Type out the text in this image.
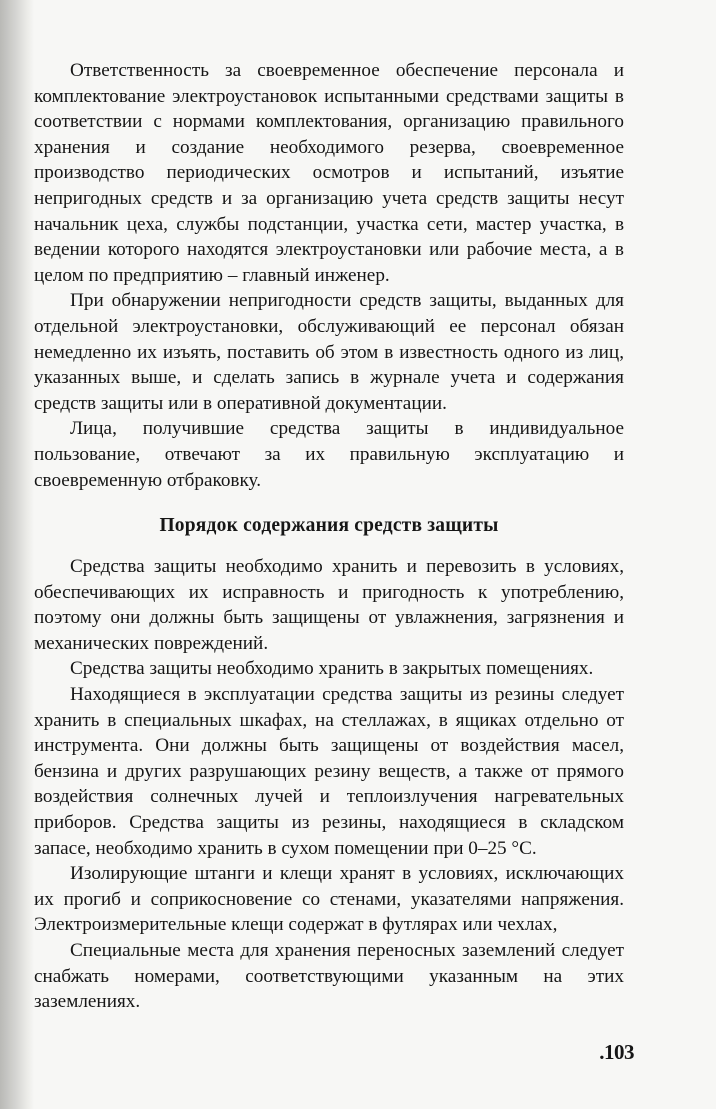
Ответственность за своевременное обеспечение персонала и комплектование электроустановок испытанными средствами защиты в соответствии с нормами комплектования, организацию правильного хранения и создание необходимого резерва, своевременное производство периодических осмотров и испытаний, изъятие непригодных средств и за организацию учета средств защиты несут начальник цеха, службы подстанции, участка сети, мастер участка, в ведении которого находятся электроустановки или рабочие места, а в целом по предприятию – главный инженер.

При обнаружении непригодности средств защиты, выданных для отдельной электроустановки, обслуживающий ее персонал обязан немедленно их изъять, поставить об этом в известность одного из лиц, указанных выше, и сделать запись в журнале учета и содержания средств защиты или в оперативной документации.

Лица, получившие средства защиты в индивидуальное пользование, отвечают за их правильную эксплуатацию и своевременную отбраковку.

Порядок содержания средств защиты

Средства защиты необходимо хранить и перевозить в условиях, обеспечивающих их исправность и пригодность к употреблению, поэтому они должны быть защищены от увлажнения, загрязнения и механических повреждений.

Средства защиты необходимо хранить в закрытых помещениях.

Находящиеся в эксплуатации средства защиты из резины следует хранить в специальных шкафах, на стеллажах, в ящиках отдельно от инструмента. Они должны быть защищены от воздействия масел, бензина и других разрушающих резину веществ, а также от прямого воздействия солнечных лучей и теплоизлучения нагревательных приборов. Средства защиты из резины, находящиеся в складском запасе, необходимо хранить в сухом помещении при 0–25 °С.

Изолирующие штанги и клещи хранят в условиях, исключающих их прогиб и соприкосновение со стенами, указателями напряжения. Электроизмерительные клещи содержат в футлярах или чехлах,

Специальные места для хранения переносных заземлений следует снабжать номерами, соответствующими указанным на этих заземлениях.

.103
